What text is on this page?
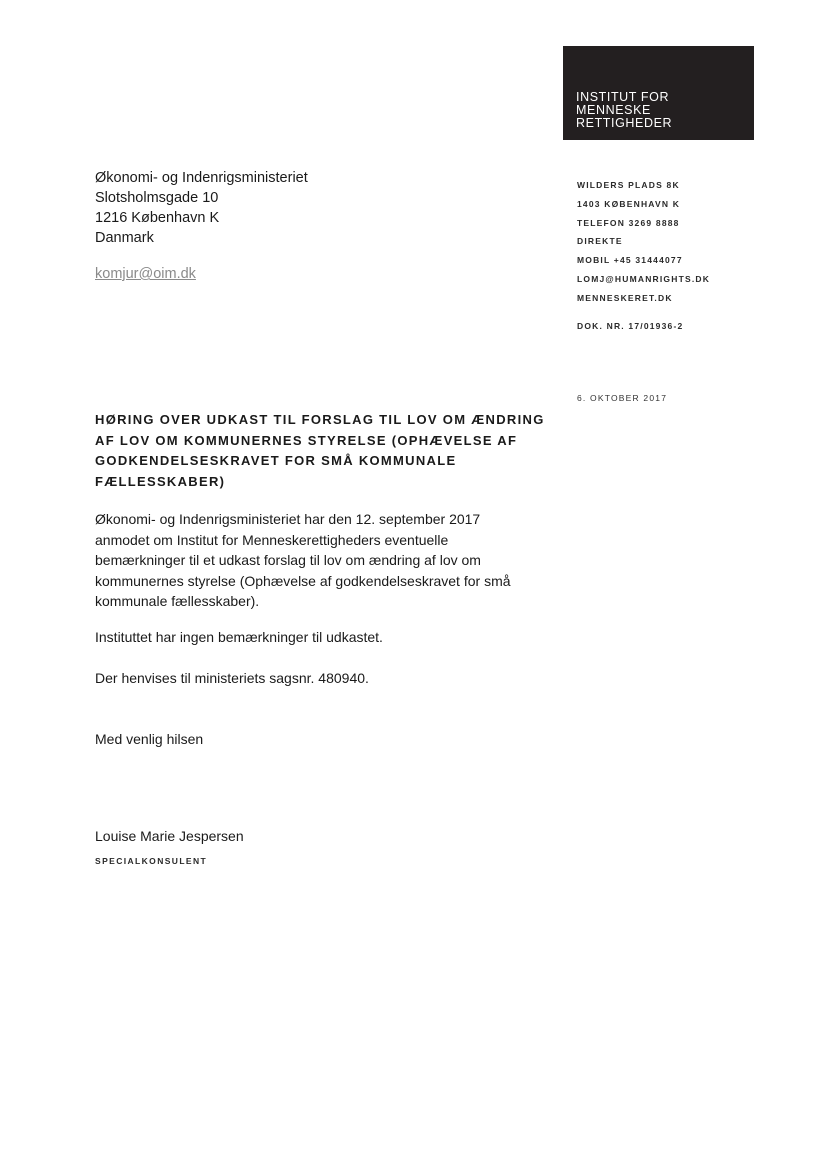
INSTITUT FOR
MENNESKE
RETTIGHEDER
Økonomi- og Indenrigsministeriet
Slotsholmsgade 10
1216 København K
Danmark
komjur@oim.dk
WILDERS PLADS 8K
1403 KØBENHAVN K
TELEFON 3269 8888
DIREKTE
MOBIL +45 31444077
LOMJ@HUMANRIGHTS.DK
MENNESKERET.DK
DOK. NR. 17/01936-2
6. OKTOBER 2017
HØRING OVER UDKAST TIL FORSLAG TIL LOV OM ÆNDRING
AF LOV OM KOMMUNERNES STYRELSE (OPHÆVELSE AF
GODKENDELSESKRAVET FOR SMÅ KOMMUNALE
FÆLLESSKABER)
Økonomi- og Indenrigsministeriet har den 12. september 2017
anmodet om Institut for Menneskerettigheders eventuelle
bemærkninger til et udkast forslag til lov om ændring af lov om
kommunernes styrelse (Ophævelse af godkendelseskravet for små
kommunale fællesskaber).
Instituttet har ingen bemærkninger til udkastet.
Der henvises til ministeriets sagsnr. 480940.
Med venlig hilsen
Louise Marie Jespersen
SPECIALKONSULENT
